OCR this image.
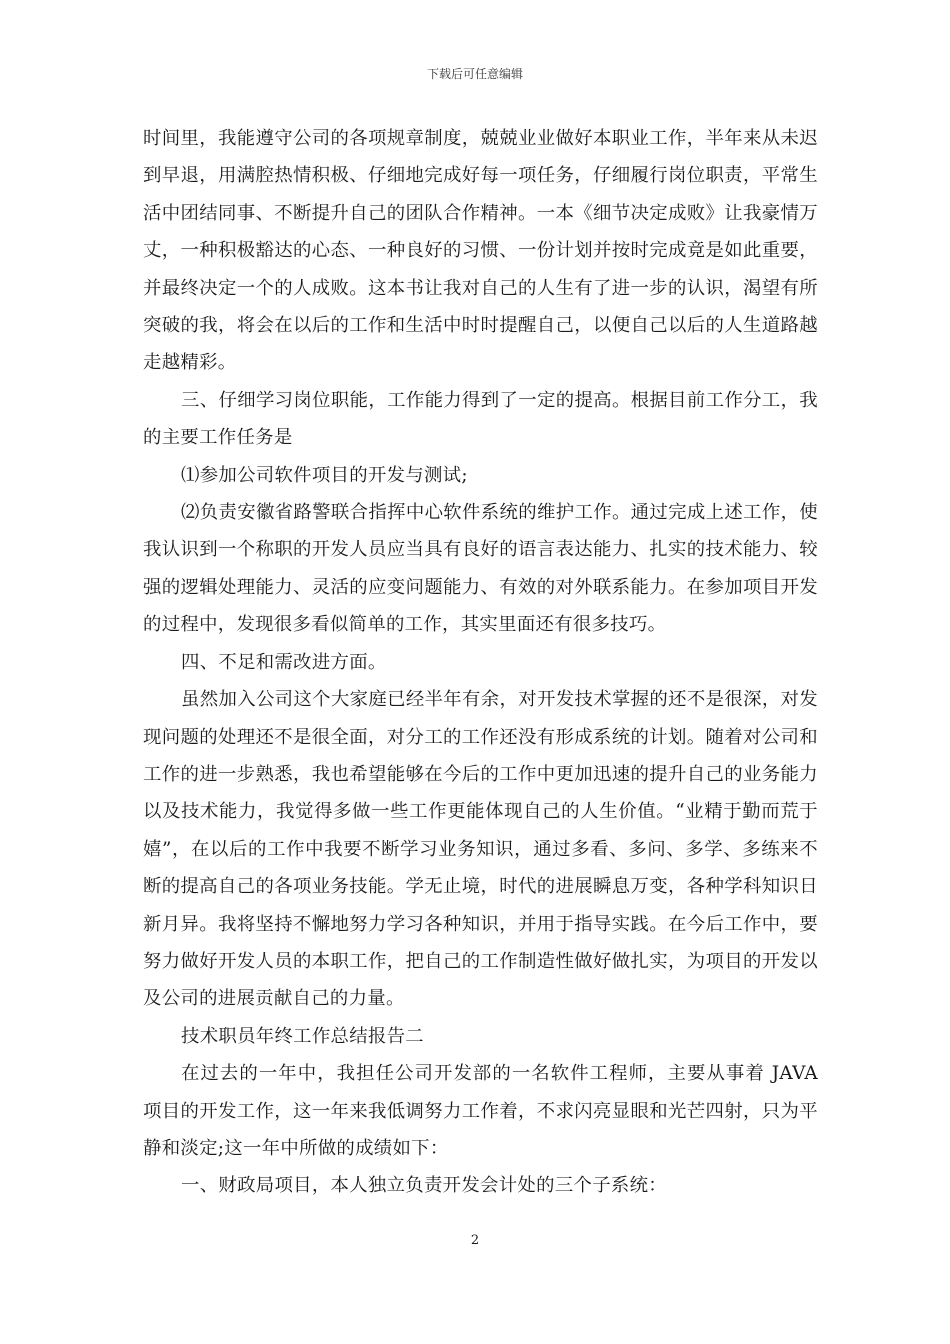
下载后可任意编辑

时间里，我能遵守公司的各项规章制度，兢兢业业做好本职业工作，半年来从未迟到早退，用满腔热情积极、仔细地完成好每一项任务，仔细履行岗位职责，平常生活中团结同事、不断提升自己的团队合作精神。一本《细节决定成败》让我豪情万丈，一种积极豁达的心态、一种良好的习惯、一份计划并按时完成竟是如此重要，并最终决定一个的人成败。这本书让我对自己的人生有了进一步的认识，渴望有所突破的我，将会在以后的工作和生活中时时提醒自己，以便自己以后的人生道路越走越精彩。

三、仔细学习岗位职能，工作能力得到了一定的提高。根据目前工作分工，我的主要工作任务是

⑴参加公司软件项目的开发与测试;

⑵负责安徽省路警联合指挥中心软件系统的维护工作。通过完成上述工作，使我认识到一个称职的开发人员应当具有良好的语言表达能力、扎实的技术能力、较强的逻辑处理能力、灵活的应变问题能力、有效的对外联系能力。在参加项目开发的过程中，发现很多看似简单的工作，其实里面还有很多技巧。

四、不足和需改进方面。

虽然加入公司这个大家庭已经半年有余，对开发技术掌握的还不是很深，对发现问题的处理还不是很全面，对分工的工作还没有形成系统的计划。随着对公司和工作的进一步熟悉，我也希望能够在今后的工作中更加迅速的提升自己的业务能力以及技术能力，我觉得多做一些工作更能体现自己的人生价值。“业精于勤而荒于嬉”，在以后的工作中我要不断学习业务知识，通过多看、多问、多学、多练来不断的提高自己的各项业务技能。学无止境，时代的进展瞬息万变，各种学科知识日新月异。我将坚持不懈地努力学习各种知识，并用于指导实践。在今后工作中，要努力做好开发人员的本职工作，把自己的工作制造性做好做扎实，为项目的开发以及公司的进展贡献自己的力量。

技术职员年终工作总结报告二

在过去的一年中，我担任公司开发部的一名软件工程师，主要从事着 JAVA 项目的开发工作，这一年来我低调努力工作着，不求闪亮显眼和光芒四射，只为平静和淡定;这一年中所做的成绩如下：

一、财政局项目，本人独立负责开发会计处的三个子系统：

2
